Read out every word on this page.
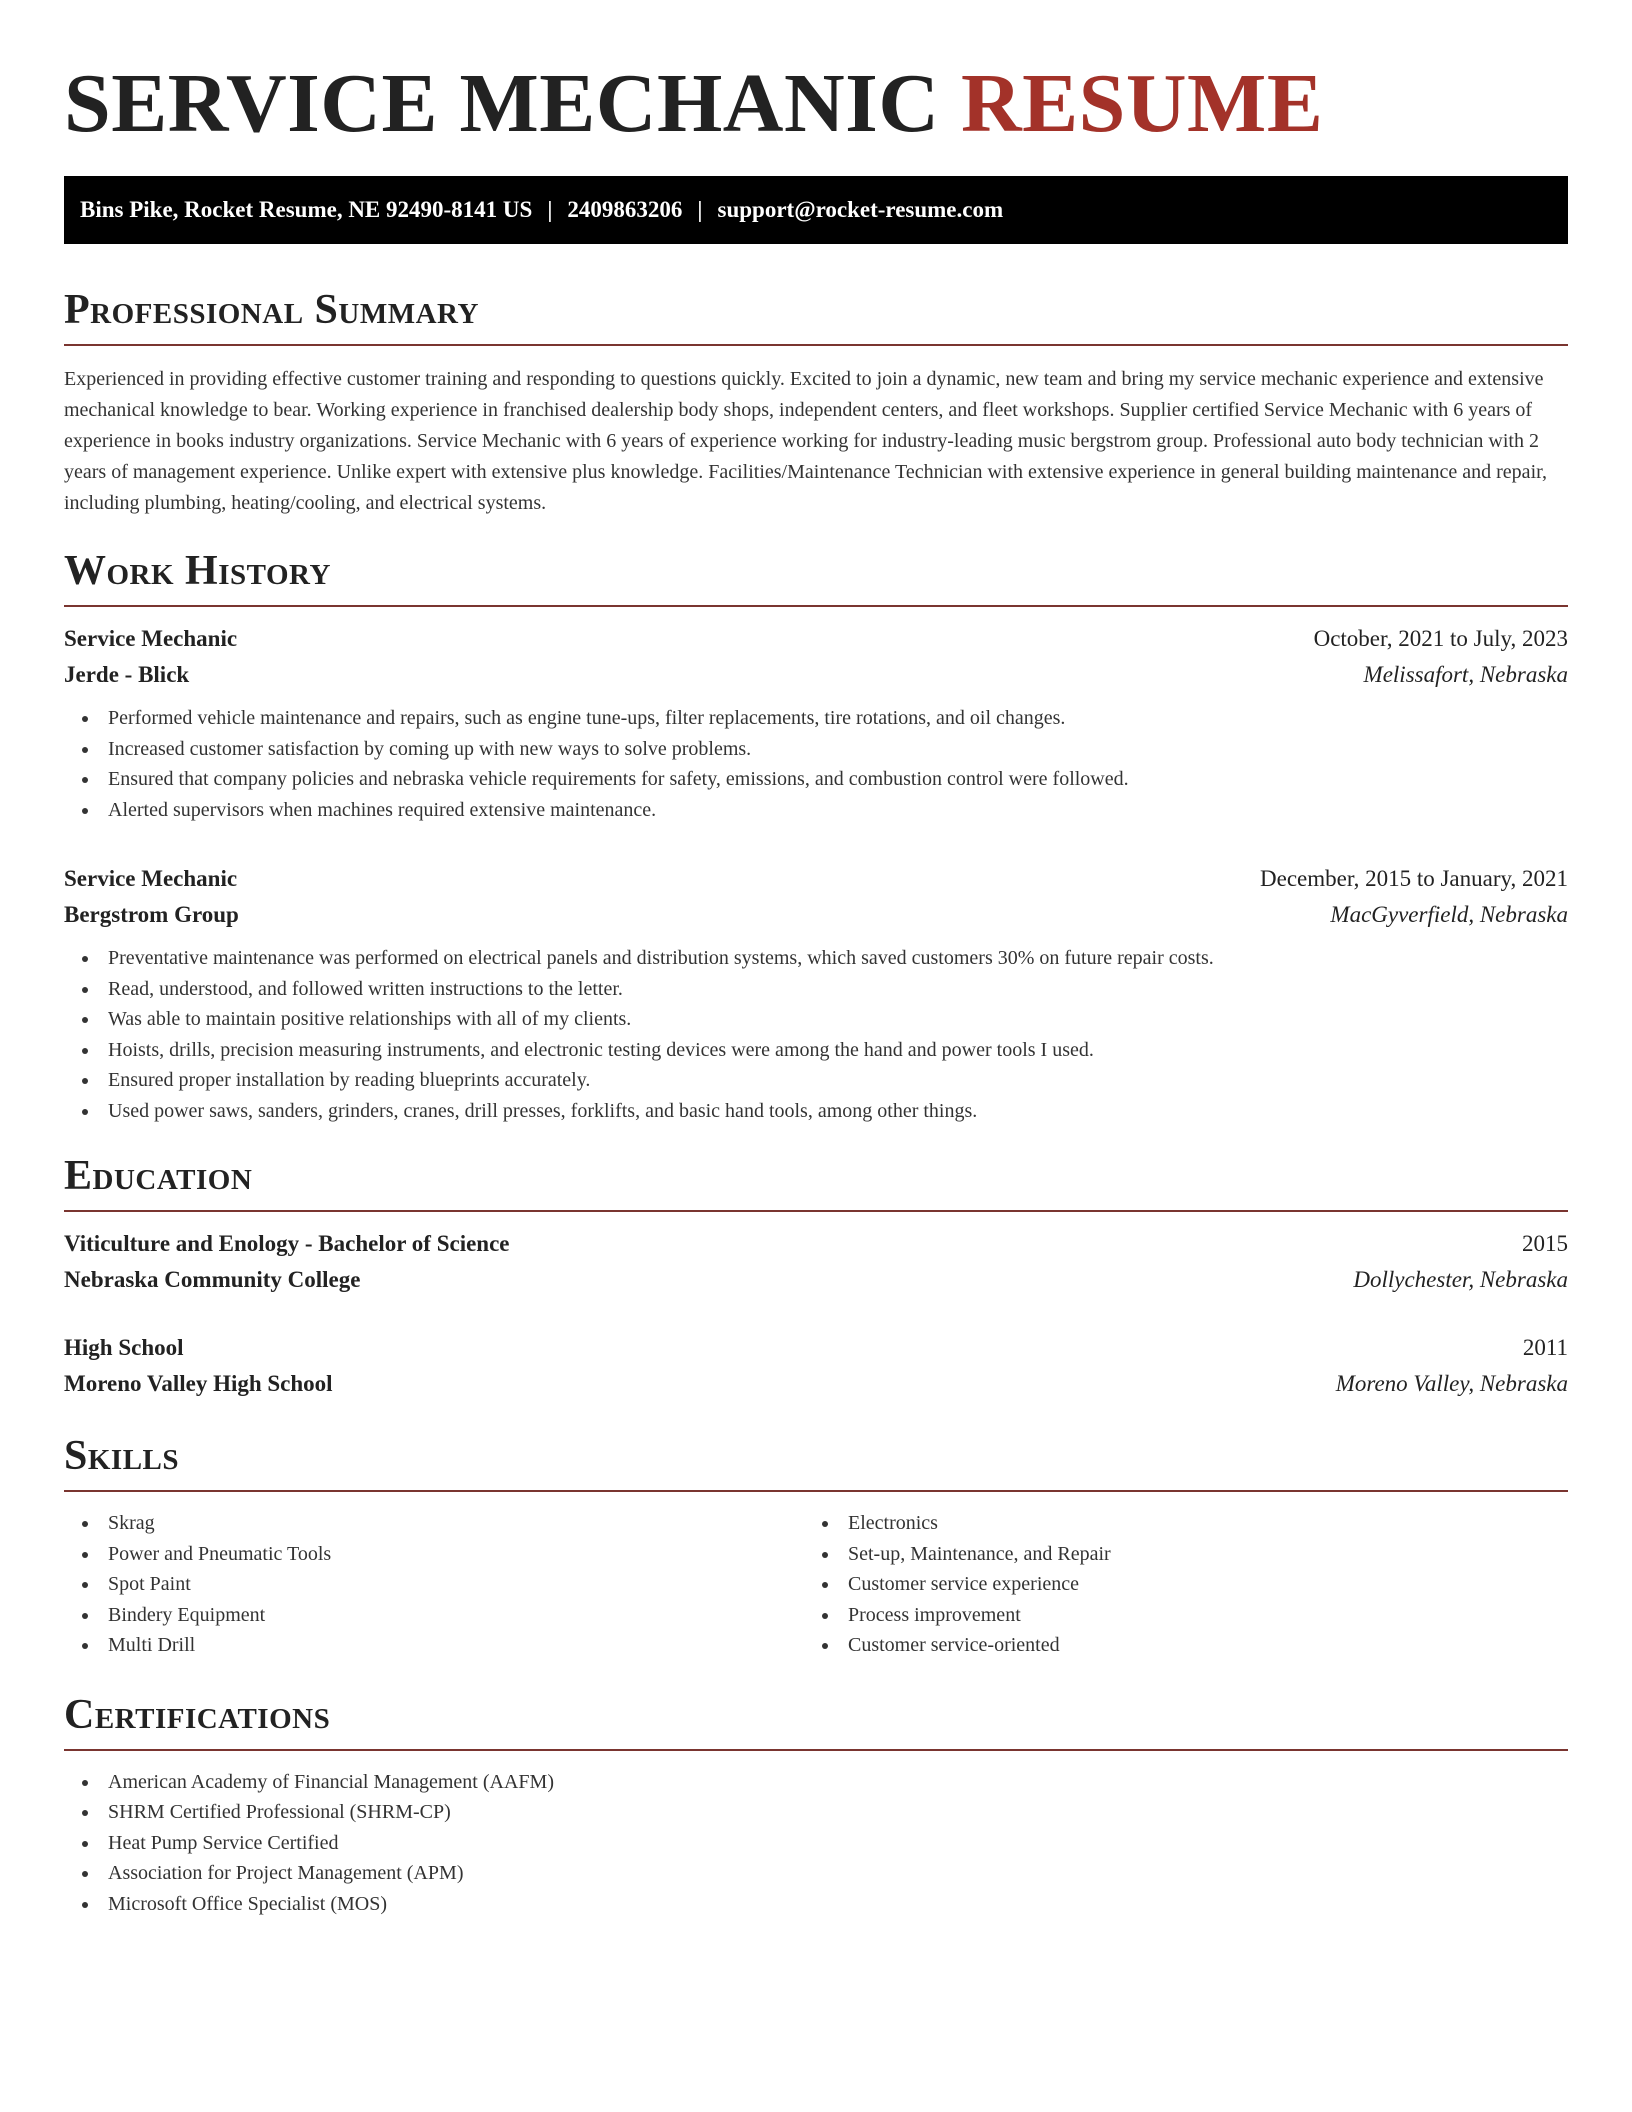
SERVICE MECHANIC RESUME
Bins Pike, Rocket Resume, NE 92490-8141 US | 2409863206 | support@rocket-resume.com
Professional Summary

Experienced in providing effective customer training and responding to questions quickly. Excited to join a dynamic, new team and bring my service mechanic experience and extensive mechanical knowledge to bear. Working experience in franchised dealership body shops, independent centers, and fleet workshops. Supplier certified Service Mechanic with 6 years of experience in books industry organizations. Service Mechanic with 6 years of experience working for industry-leading music bergstrom group. Professional auto body technician with 2 years of management experience. Unlike expert with extensive plus knowledge. Facilities/Maintenance Technician with extensive experience in general building maintenance and repair, including plumbing, heating/cooling, and electrical systems.

Work History
Service Mechanic	October, 2021 to July, 2023
Jerde - Blick	Melissafort, Nebraska
Performed vehicle maintenance and repairs, such as engine tune-ups, filter replacements, tire rotations, and oil changes.
Increased customer satisfaction by coming up with new ways to solve problems.
Ensured that company policies and nebraska vehicle requirements for safety, emissions, and combustion control were followed.
Alerted supervisors when machines required extensive maintenance.
Service Mechanic	December, 2015 to January, 2021
Bergstrom Group	MacGyverfield, Nebraska
Preventative maintenance was performed on electrical panels and distribution systems, which saved customers 30% on future repair costs.
Read, understood, and followed written instructions to the letter.
Was able to maintain positive relationships with all of my clients.
Hoists, drills, precision measuring instruments, and electronic testing devices were among the hand and power tools I used.
Ensured proper installation by reading blueprints accurately.
Used power saws, sanders, grinders, cranes, drill presses, forklifts, and basic hand tools, among other things.
Education
Viticulture and Enology - Bachelor of Science	2015
Nebraska Community College	Dollychester, Nebraska
High School	2011
Moreno Valley High School	Moreno Valley, Nebraska
Skills
Skrag
Power and Pneumatic Tools
Spot Paint
Bindery Equipment
Multi Drill
Electronics
Set-up, Maintenance, and Repair
Customer service experience
Process improvement
Customer service-oriented
Certifications
American Academy of Financial Management (AAFM)
SHRM Certified Professional (SHRM-CP)
Heat Pump Service Certified
Association for Project Management (APM)
Microsoft Office Specialist (MOS)
